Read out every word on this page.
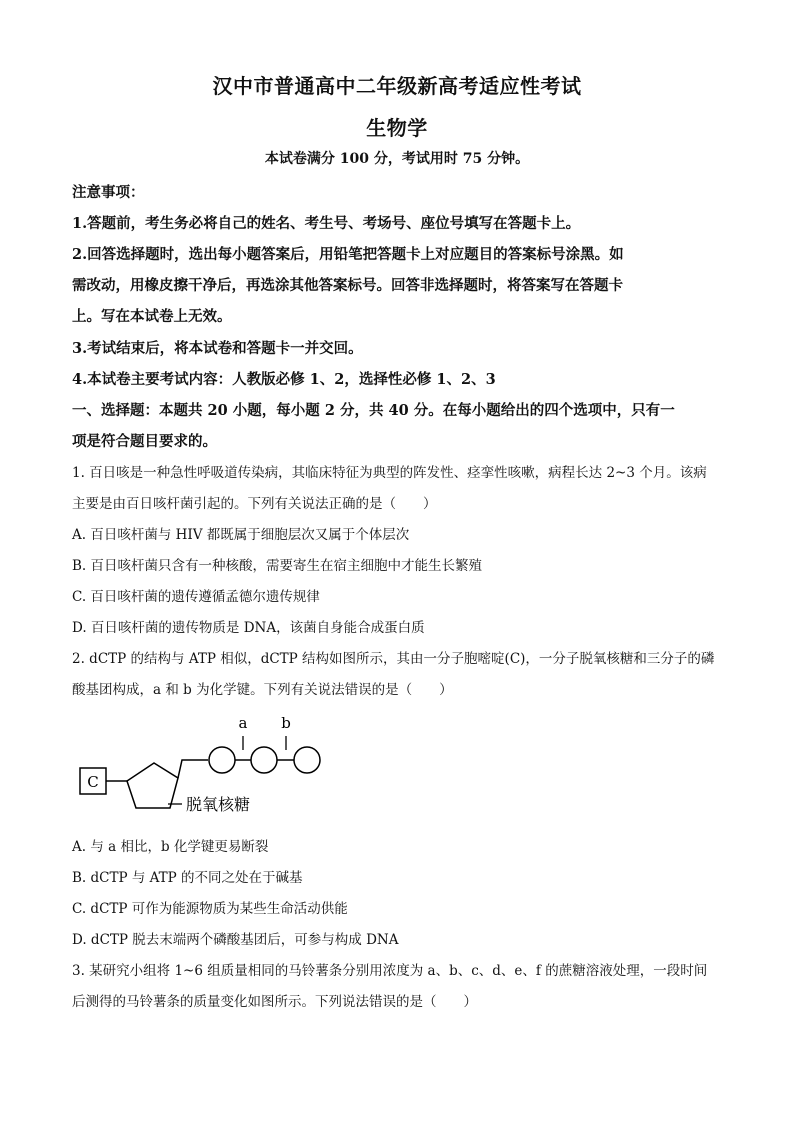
汉中市普通高中二年级新高考适应性考试
生物学
本试卷满分 100 分，考试用时 75 分钟。
注意事项：
1.答题前，考生务必将自己的姓名、考生号、考场号、座位号填写在答题卡上。
2.回答选择题时，选出每小题答案后，用铅笔把答题卡上对应题目的答案标号涂黑。如
需改动，用橡皮擦干净后，再选涂其他答案标号。回答非选择题时，将答案写在答题卡
上。写在本试卷上无效。
3.考试结束后，将本试卷和答题卡一并交回。
4.本试卷主要考试内容：人教版必修 1、2，选择性必修 1、2、3
一、选择题：本题共 20 小题，每小题 2 分，共 40 分。在每小题给出的四个选项中，只有一
项是符合题目要求的。
1. 百日咳是一种急性呼吸道传染病，其临床特征为典型的阵发性、痉挛性咳嗽，病程长达 2~3 个月。该病
主要是由百日咳杆菌引起的。下列有关说法正确的是（　　）
A. 百日咳杆菌与 HIV 都既属于细胞层次又属于个体层次
B. 百日咳杆菌只含有一种核酸，需要寄生在宿主细胞中才能生长繁殖
C. 百日咳杆菌的遗传遵循孟德尔遗传规律
D. 百日咳杆菌的遗传物质是 DNA，该菌自身能合成蛋白质
2. dCTP 的结构与 ATP 相似，dCTP 结构如图所示，其由一分子胞嘧啶(C)，一分子脱氧核糖和三分子的磷
酸基团构成，a 和 b 为化学键。下列有关说法错误的是（　　）
C
a b
脱氧核糖
A. 与 a 相比，b 化学键更易断裂
B. dCTP 与 ATP 的不同之处在于碱基
C. dCTP 可作为能源物质为某些生命活动供能
D. dCTP 脱去末端两个磷酸基团后，可参与构成 DNA
3. 某研究小组将 1~6 组质量相同的马铃薯条分别用浓度为 a、b、c、d、e、f 的蔗糖溶液处理，一段时间
后测得的马铃薯条的质量变化如图所示。下列说法错误的是（　　）
